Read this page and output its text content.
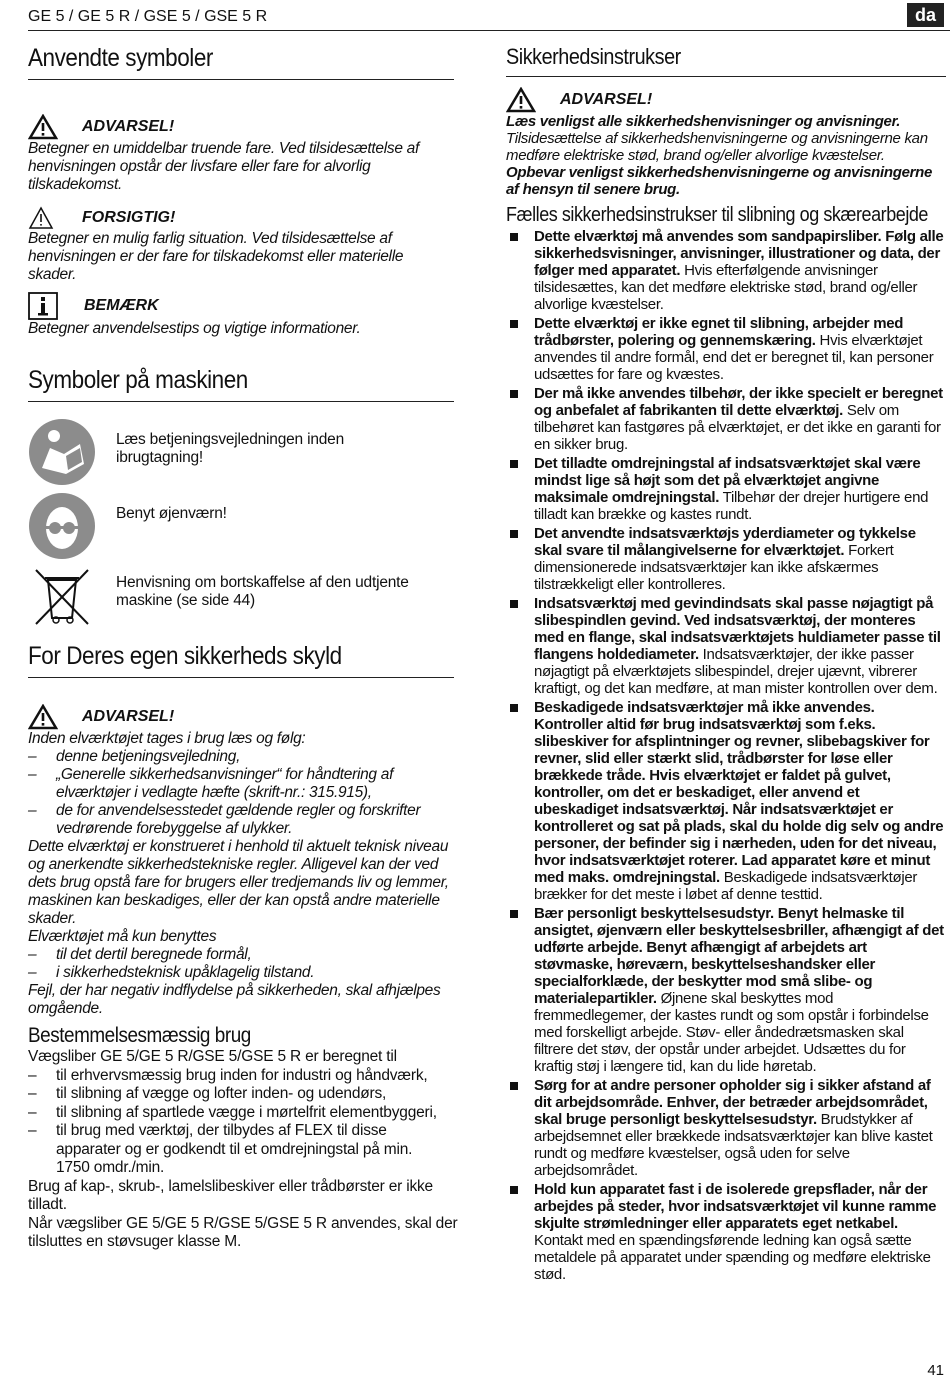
GE 5 / GE 5 R / GSE 5 / GSE 5 R	da
Anvendte symboler
ADVARSEL!
Betegner en umiddelbar truende fare. Ved tilsidesættelse af henvisningen opstår der livsfare eller fare for alvorlig tilskadekomst.
FORSIGTIG!
Betegner en mulig farlig situation. Ved tilsidesættelse af henvisningen er der fare for tilskadekomst eller materielle skader.
BEMÆRK
Betegner anvendelsestips og vigtige informationer.
Symboler på maskinen
Læs betjeningsvejledningen inden ibrugtagning!
Benyt øjenværn!
Henvisning om bortskaffelse af den udtjente maskine (se side 44)
For Deres egen sikkerheds skyld
ADVARSEL!
Inden elværktøjet tages i brug læs og følg:
– denne betjeningsvejledning,
– „Generelle sikkerhedsanvisninger“ for håndtering af elværktøjer i vedlagte hæfte (skrift-nr.: 315.915),
– de for anvendelsesstedet gældende regler og forskrifter vedrørende forebyggelse af ulykker.
Dette elværktøj er konstrueret i henhold til aktuelt teknisk niveau og anerkendte sikkerhedstekniske regler. Alligevel kan der ved dets brug opstå fare for brugers eller tredjemands liv og lemmer, maskinen kan beskadiges, eller der kan opstå andre materielle skader.
Elværktøjet må kun benyttes
– til det dertil beregnede formål,
– i sikkerhedsteknisk upåklagelig tilstand.
Fejl, der har negativ indflydelse på sikkerheden, skal afhjælpes omgående.
Bestemmelsesmæssig brug
Vægsliber GE 5/GE 5 R/GSE 5/GSE 5 R er beregnet til
– til erhvervsmæssig brug inden for industri og håndværk,
– til slibning af vægge og lofter inden- og udendørs,
– til slibning af spartlede vægge i mørtelfrit elementbyggeri,
– til brug med værktøj, der tilbydes af FLEX til disse apparater og er godkendt til et omdrejningstal på min. 1750 omdr./min.
Brug af kap-, skrub-, lamelslibeskiver eller trådbørster er ikke tilladt.
Når vægsliber GE 5/GE 5 R/GSE 5/GSE 5 R anvendes, skal der tilsluttes en støvsuger klasse M.
Sikkerhedsinstrukser
ADVARSEL!
Læs venligst alle sikkerhedshenvisninger og anvisninger. Tilsidesættelse af sikkerhedshenvisningerne og anvisningerne kan medføre elektriske stød, brand og/eller alvorlige kvæstelser. Opbevar venligst sikkerhedshenvisningerne og anvisningerne af hensyn til senere brug.
Fælles sikkerhedsinstrukser til slibning og skærearbejde
Dette elværktøj må anvendes som sandpapirsliber. Følg alle sikkerhedsvisninger, anvisninger, illustrationer og data, der følger med apparatet. Hvis efterfølgende anvisninger tilsidesættes, kan det medføre elektriske stød, brand og/eller alvorlige kvæstelser.
Dette elværktøj er ikke egnet til slibning, arbejder med trådbørster, polering og gennemskæring. Hvis elværktøjet anvendes til andre formål, end det er beregnet til, kan personer udsættes for fare og kvæstes.
Der må ikke anvendes tilbehør, der ikke specielt er beregnet og anbefalet af fabrikanten til dette elværktøj. Selv om tilbehøret kan fastgøres på elværktøjet, er det ikke en garanti for en sikker brug.
Det tilladte omdrejningstal af indsatsværktøjet skal være mindst lige så højt som det på elværktøjet angivne maksimale omdrejningstal. Tilbehør der drejer hurtigere end tilladt kan brække og kastes rundt.
Det anvendte indsatsværktøjs yderdiameter og tykkelse skal svare til målangivelserne for elværktøjet. Forkert dimensionerede indsatsværktøjer kan ikke afskærmes tilstrækkeligt eller kontrolleres.
Indsatsværktøj med gevindindsats skal passe nøjagtigt på slibespindlen gevind. Ved indsatsværktøj, der monteres med en flange, skal indsatsværktøjets huldiameter passe til flangens holdediameter. Indsatsværktøjer, der ikke passer nøjagtigt på elværktøjets slibespindel, drejer ujævnt, vibrerer kraftigt, og det kan medføre, at man mister kontrollen over dem.
Beskadigede indsatsværktøjer må ikke anvendes. Kontroller altid før brug indsatsværktøj som f.eks. slibeskiver for afsplintninger og revner, slibebagskiver for revner, slid eller stærkt slid, trådbørster for løse eller brækkede tråde. Hvis elværktøjet er faldet på gulvet, kontroller, om det er beskadiget, eller anvend et ubeskadiget indsatsværktøj. Når indsatsværktøjet er kontrolleret og sat på plads, skal du holde dig selv og andre personer, der befinder sig i nærheden, uden for det niveau, hvor indsatsværktøjet roterer. Lad apparatet køre et minut med maks. omdrejningstal. Beskadigede indsatsværktøjer brækker for det meste i løbet af denne testtid.
Bær personligt beskyttelsesudstyr. Benyt helmaske til ansigtet, øjenværn eller beskyttelsesbriller, afhængigt af det udførte arbejde. Benyt afhængigt af arbejdets art støvmaske, høreværn, beskyttelseshandsker eller specialforklæde, der beskytter mod små slibe- og materialepartikler. Øjnene skal beskyttes mod fremmedlegemer, der kastes rundt og som opstår i forbindelse med forskelligt arbejde. Støv- eller åndedrætsmasken skal filtrere det støv, der opstår under arbejdet. Udsættes du for kraftig støj i længere tid, kan du lide høretab.
Sørg for at andre personer opholder sig i sikker afstand af dit arbejdsområde. Enhver, der betræder arbejdsområdet, skal bruge personligt beskyttelsesudstyr. Brudstykker af arbejdsemnet eller brækkede indsatsværktøjer kan blive kastet rundt og medføre kvæstelser, også uden for selve arbejdsområdet.
Hold kun apparatet fast i de isolerede grepsflader, når der arbejdes på steder, hvor indsatsværktøjet vil kunne ramme skjulte strømledninger eller apparatets eget netkabel. Kontakt med en spændingsførende ledning kan også sætte metaldele på apparatet under spænding og medføre elektriske stød.
41
